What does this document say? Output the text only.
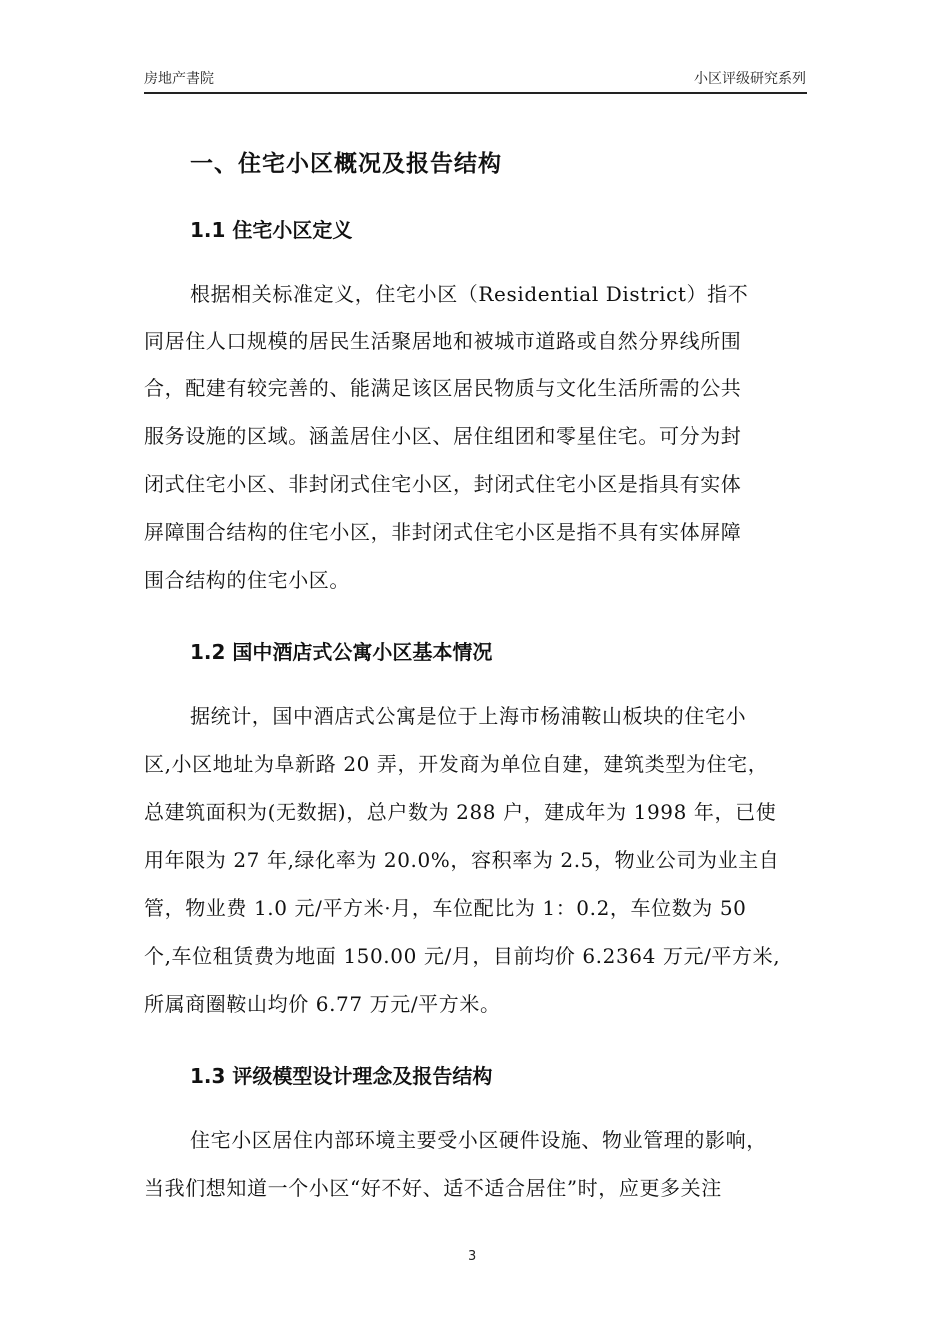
房地产書院	小区评级研究系列
一、住宅小区概况及报告结构
1.1 住宅小区定义
根据相关标准定义，住宅小区（Residential District）指不
同居住人口规模的居民生活聚居地和被城市道路或自然分界线所围
合，配建有较完善的、能满足该区居民物质与文化生活所需的公共
服务设施的区域。涵盖居住小区、居住组团和零星住宅。可分为封
闭式住宅小区、非封闭式住宅小区，封闭式住宅小区是指具有实体
屏障围合结构的住宅小区，非封闭式住宅小区是指不具有实体屏障
围合结构的住宅小区。
1.2 国中酒店式公寓小区基本情况
据统计，国中酒店式公寓是位于上海市杨浦鞍山板块的住宅小
区,小区地址为阜新路 20 弄，开发商为单位自建，建筑类型为住宅，
总建筑面积为(无数据)，总户数为 288 户，建成年为 1998 年，已使
用年限为 27 年,绿化率为 20.0%，容积率为 2.5，物业公司为业主自
管，物业费 1.0 元/平方米·月，车位配比为 1：0.2，车位数为 50
个,车位租赁费为地面 150.00 元/月，目前均价 6.2364 万元/平方米,
所属商圈鞍山均价 6.77 万元/平方米。
1.3 评级模型设计理念及报告结构
住宅小区居住内部环境主要受小区硬件设施、物业管理的影响，
当我们想知道一个小区“好不好、适不适合居住”时，应更多关注
3
